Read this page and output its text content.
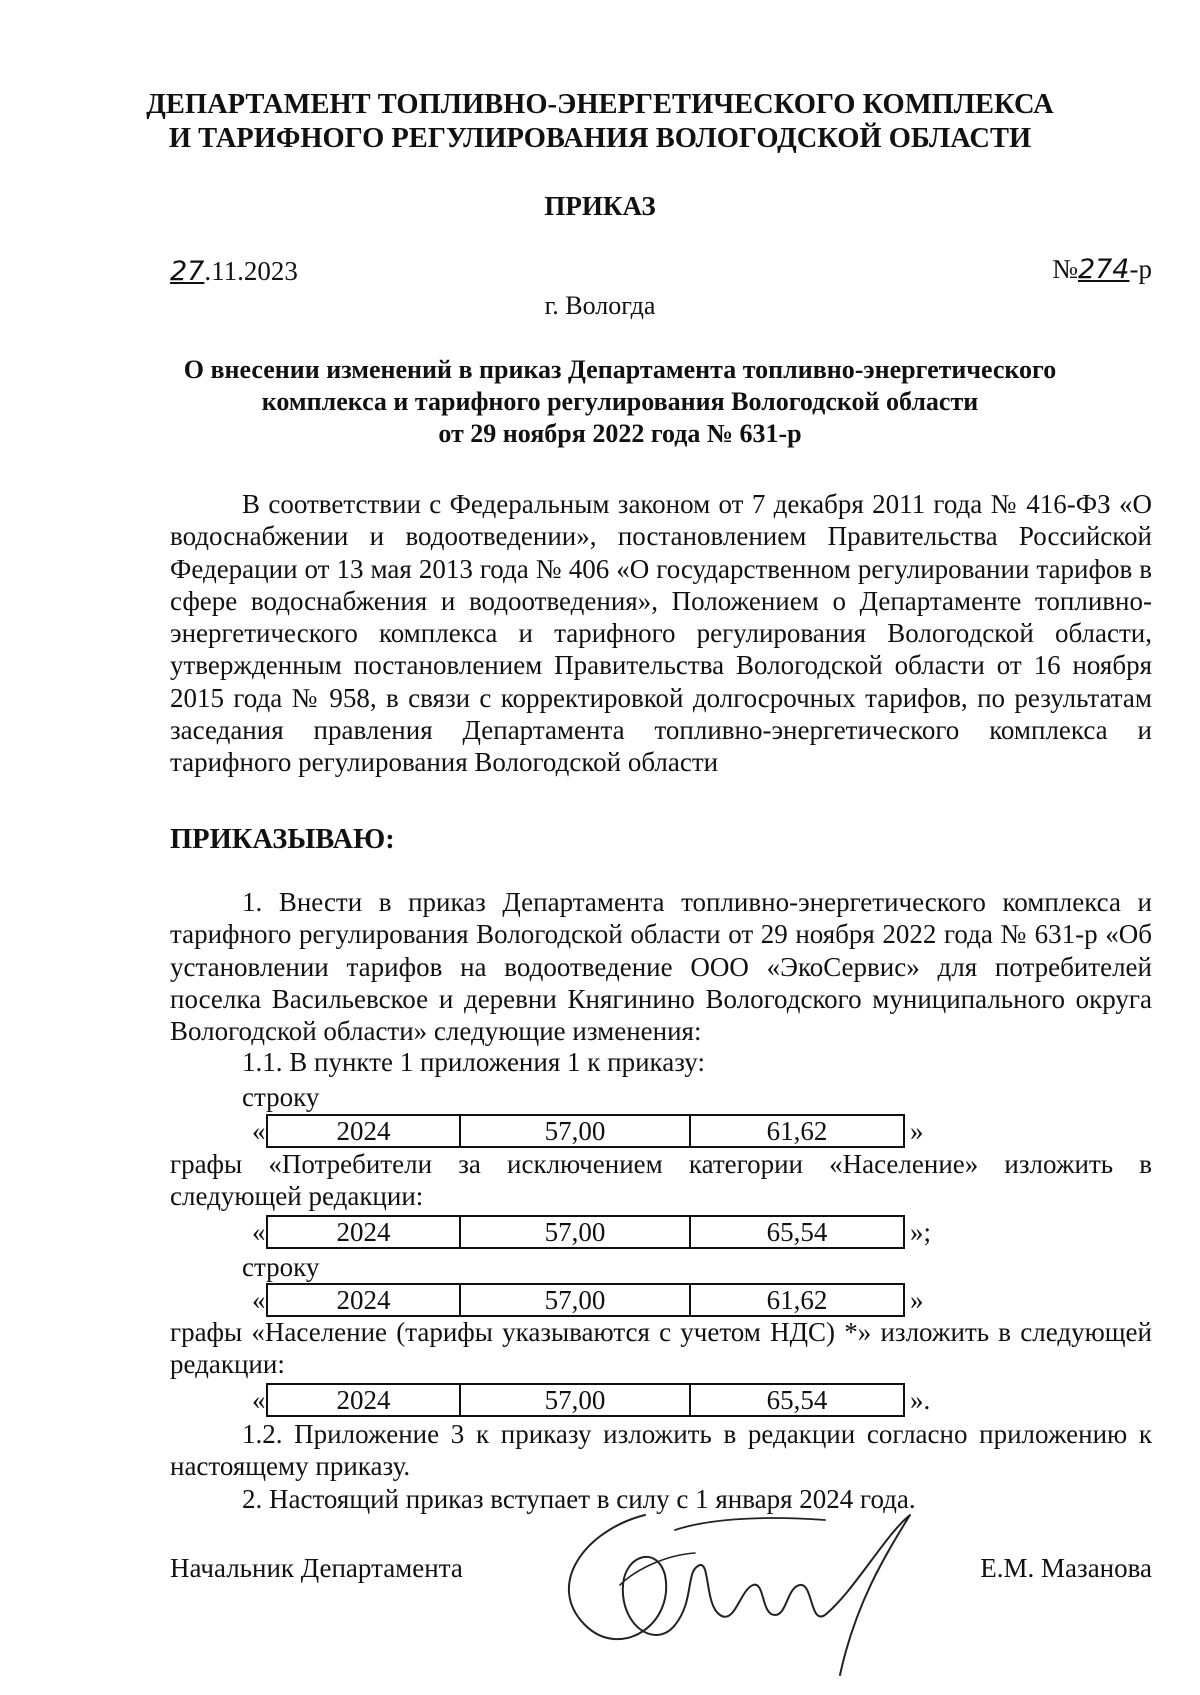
ДЕПАРТАМЕНТ ТОПЛИВНО-ЭНЕРГЕТИЧЕСКОГО КОМПЛЕКСА
И ТАРИФНОГО РЕГУЛИРОВАНИЯ ВОЛОГОДСКОЙ ОБЛАСТИ
ПРИКАЗ
27.11.2023	№274-р
г. Вологда
О внесении изменений в приказ Департамента топливно-энергетического
комплекса и тарифного регулирования Вологодской области
от 29 ноября 2022 года № 631-р
В соответствии с Федеральным законом от 7 декабря 2011 года № 416-ФЗ «О водоснабжении и водоотведении», постановлением Правительства Российской Федерации от 13 мая 2013 года № 406 «О государственном регулировании тарифов в сфере водоснабжения и водоотведения», Положением о Департаменте топливно-энергетического комплекса и тарифного регулирования Вологодской области, утвержденным постановлением Правительства Вологодской области от 16 ноября 2015 года № 958, в связи с корректировкой долгосрочных тарифов, по результатам заседания правления Департамента топливно-энергетического комплекса и тарифного регулирования Вологодской области
ПРИКАЗЫВАЮ:
1. Внести в приказ Департамента топливно-энергетического комплекса и тарифного регулирования Вологодской области от 29 ноября 2022 года № 631-р «Об установлении тарифов на водоотведение ООО «ЭкоСервис» для потребителей поселка Васильевское и деревни Княгинино Вологодского муниципального округа Вологодской области» следующие изменения:
1.1. В пункте 1 приложения 1 к приказу:
строку
«	2024	57,00	61,62	»
графы «Потребители за исключением категории «Население» изложить в следующей редакции:
«	2024	57,00	65,54	»;
строку
«	2024	57,00	61,62	»
графы «Население (тарифы указываются с учетом НДС) *» изложить в следующей редакции:
«	2024	57,00	65,54	».
1.2. Приложение 3 к приказу изложить в редакции согласно приложению к настоящему приказу.
2. Настоящий приказ вступает в силу с 1 января 2024 года.
Начальник Департамента	Е.М. Мазанова
